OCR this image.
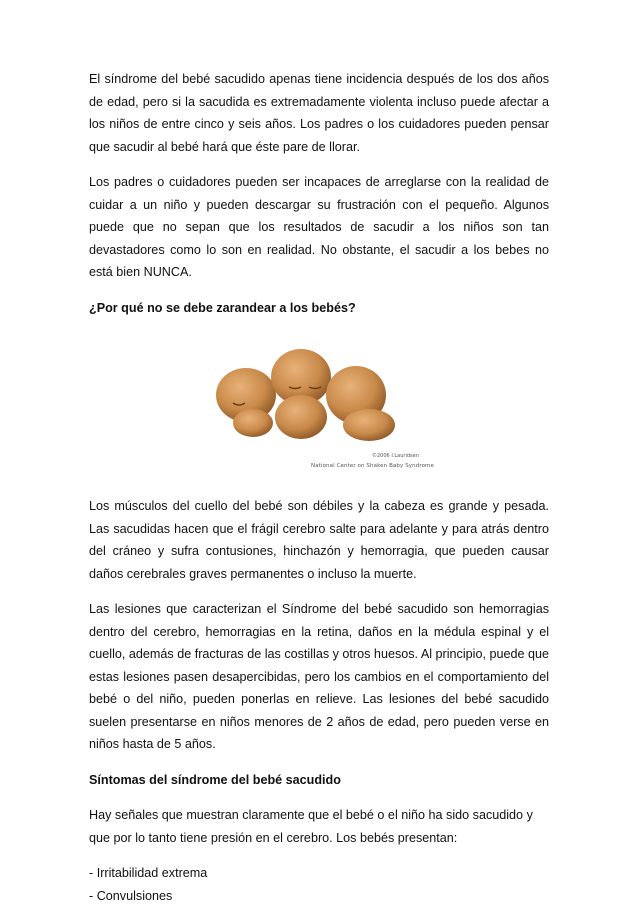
El síndrome del bebé sacudido apenas tiene incidencia después de los dos años de edad, pero si la sacudida es extremadamente violenta incluso puede afectar a los niños de entre cinco y seis años. Los padres o los cuidadores pueden pensar que sacudir al bebé hará que éste pare de llorar.

Los padres o cuidadores pueden ser incapaces de arreglarse con la realidad de cuidar a un niño y pueden descargar su frustración con el pequeño. Algunos puede que no sepan que los resultados de sacudir a los niños son tan devastadores como lo son en realidad. No obstante, el sacudir a los bebes no está bien NUNCA.

¿Por qué no se debe zarandear a los bebés?
©2006 I.Lauridsen
National Center on Shaken Baby Syndrome

Los músculos del cuello del bebé son débiles y la cabeza es grande y pesada. Las sacudidas hacen que el frágil cerebro salte para adelante y para atrás dentro del cráneo y sufra contusiones, hinchazón y hemorragia, que pueden causar daños cerebrales graves permanentes o incluso la muerte.

Las lesiones que caracterizan el Síndrome del bebé sacudido son hemorragias dentro del cerebro, hemorragias en la retina, daños en la médula espinal y el cuello, además de fracturas de las costillas y otros huesos. Al principio, puede que estas lesiones pasen desapercibidas, pero los cambios en el comportamiento del bebé o del niño, pueden ponerlas en relieve. Las lesiones del bebé sacudido suelen presentarse en niños menores de 2 años de edad, pero pueden verse en niños hasta de 5 años.

Síntomas del síndrome del bebé sacudido

Hay señales que muestran claramente que el bebé o el niño ha sido sacudido y que por lo tanto tiene presión en el cerebro. Los bebés presentan:

- Irritabilidad extrema

- Convulsiones
